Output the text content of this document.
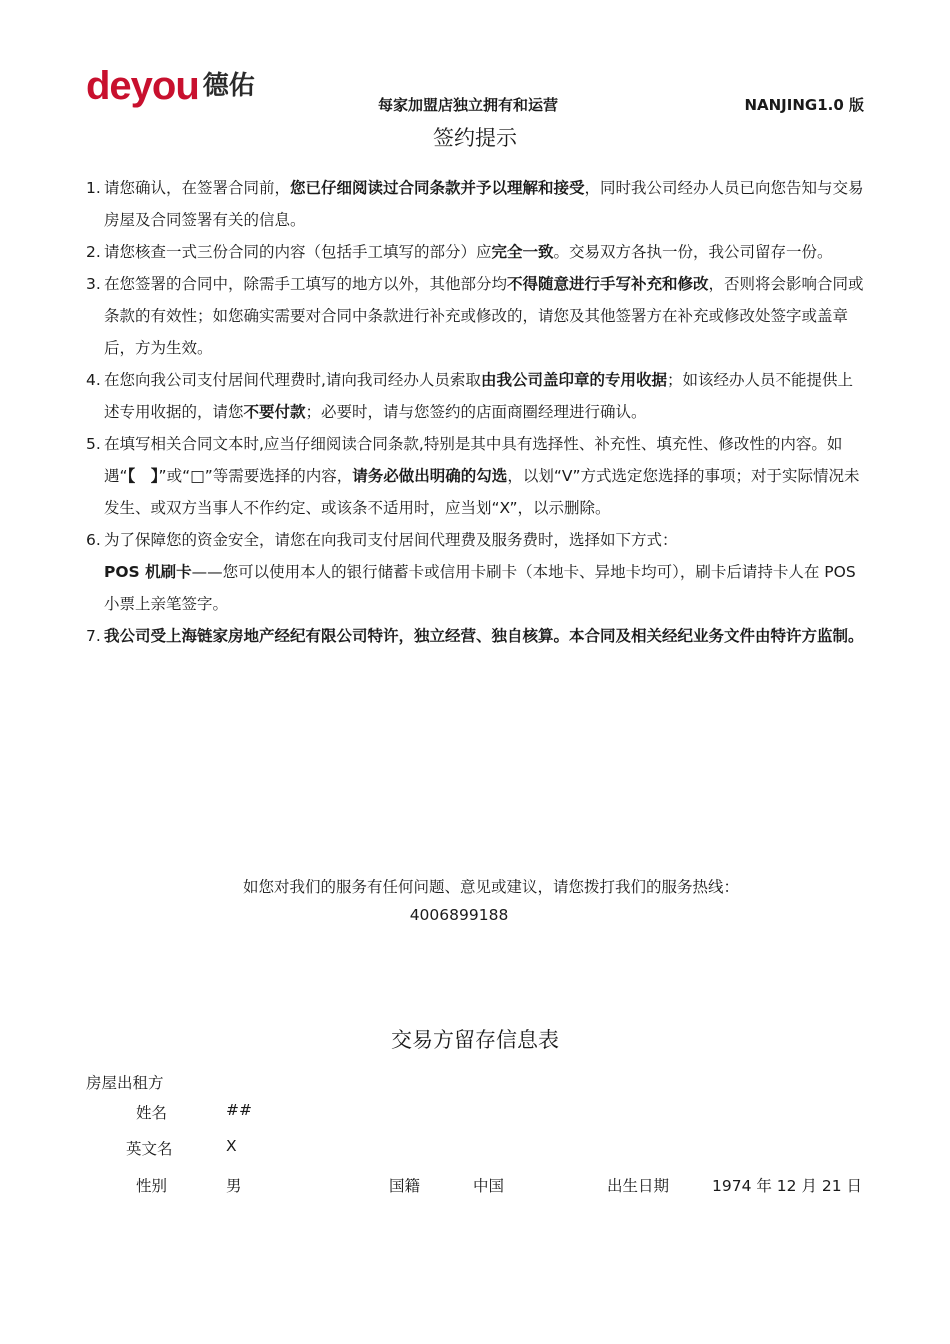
deyou 德佑
每家加盟店独立拥有和运营	NANJING1.0 版
签约提示
1. 请您确认，在签署合同前，您已仔细阅读过合同条款并予以理解和接受，同时我公司经办人员已向您告知与交易房屋及合同签署有关的信息。
2. 请您核查一式三份合同的内容（包括手工填写的部分）应完全一致。交易双方各执一份，我公司留存一份。
3. 在您签署的合同中，除需手工填写的地方以外，其他部分均不得随意进行手写补充和修改，否则将会影响合同或条款的有效性；如您确实需要对合同中条款进行补充或修改的，请您及其他签署方在补充或修改处签字或盖章后，方为生效。
4. 在您向我公司支付居间代理费时,请向我司经办人员索取由我公司盖印章的专用收据；如该经办人员不能提供上述专用收据的，请您不要付款；必要时，请与您签约的店面商圈经理进行确认。
5. 在填写相关合同文本时,应当仔细阅读合同条款,特别是其中具有选择性、补充性、填充性、修改性的内容。如遇“【　】”或“□”等需要选择的内容，请务必做出明确的勾选，以划“V”方式选定您选择的事项；对于实际情况未发生、或双方当事人不作约定、或该条不适用时，应当划“X”，以示删除。
6. 为了保障您的资金安全，请您在向我司支付居间代理费及服务费时，选择如下方式：
POS 机刷卡——您可以使用本人的银行储蓄卡或信用卡刷卡（本地卡、异地卡均可），刷卡后请持卡人在 POS 小票上亲笔签字。
7. 我公司受上海链家房地产经纪有限公司特许，独立经营、独自核算。本合同及相关经纪业务文件由特许方监制。
如您对我们的服务有任何问题、意见或建议，请您拨打我们的服务热线：
4006899188
交易方留存信息表
房屋出租方
姓名	##
英文名	X
性别	男	国籍	中国	出生日期	1974 年 12 月 21 日
